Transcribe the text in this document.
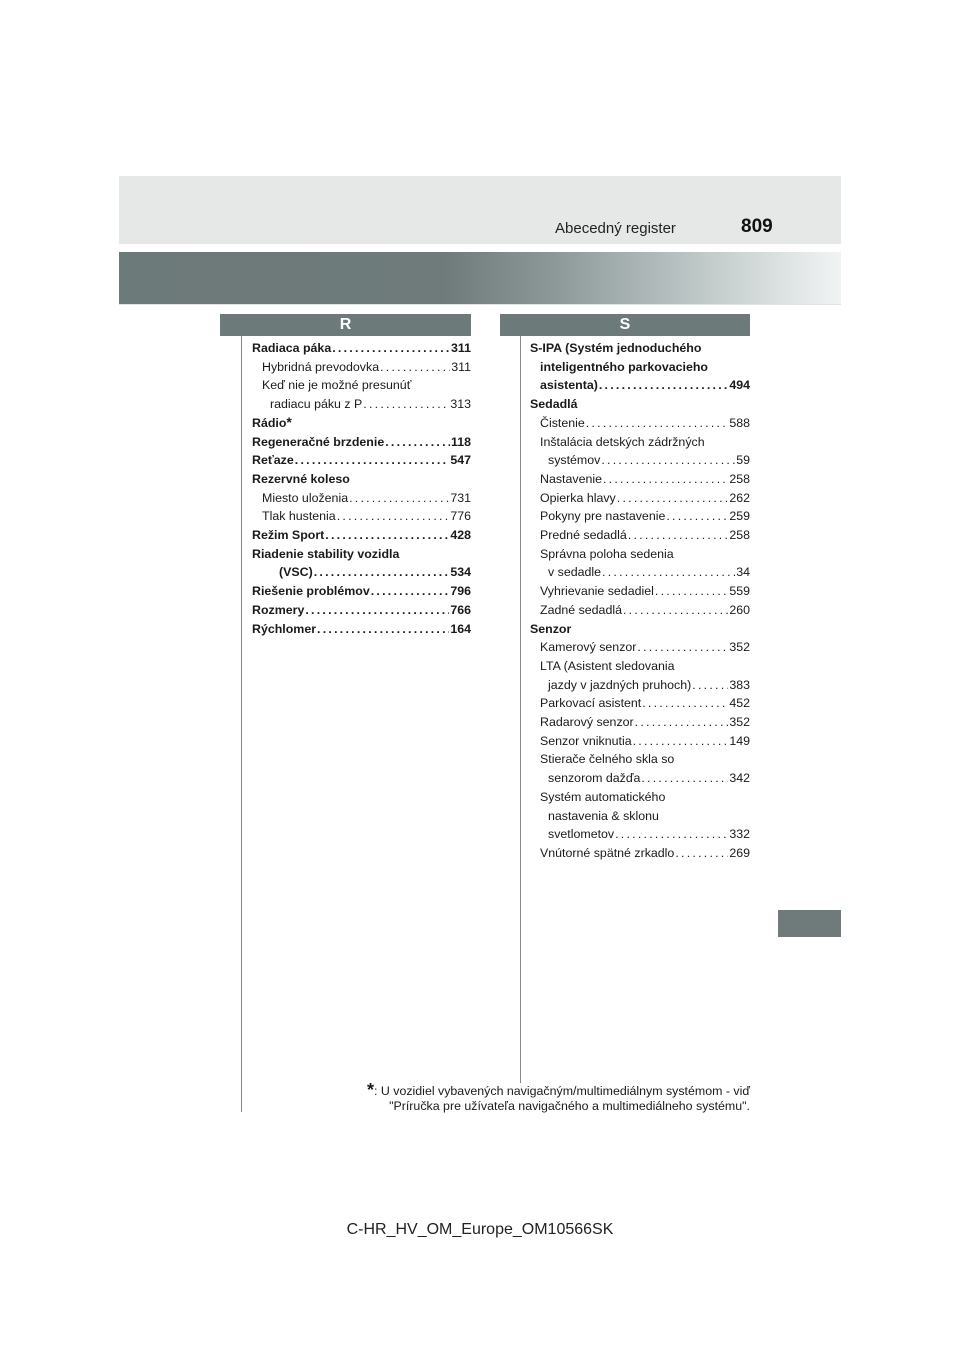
Abecedný register	809
R	S
Radiaca páka . . .	311
Hybridná prevodovka . . .	311
Keď nie je možné presunúť
radiacu páku z P . . .	313
Rádio *
Regeneračné brzdenie . . .	118
Reťaze . . .	547
Rezervné koleso
Miesto uloženia . . .	731
Tlak hustenia . . .	776
Režim Sport . . .	428
Riadenie stability vozidla
(VSC) . . .	534
Riešenie problémov . . .	796
Rozmery . . .	766
Rýchlomer . . .	164
S-IPA (Systém jednoduchého
inteligentného parkovacieho
asistenta) . . .	494
Sedadlá
Čistenie . . .	588
Inštalácia detských zádržných
systémov . . .	59
Nastavenie . . .	258
Opierka hlavy . . .	262
Pokyny pre nastavenie . . .	259
Predné sedadlá . . .	258
Správna poloha sedenia
v sedadle . . .	34
Vyhrievanie sedadiel . . .	559
Zadné sedadlá . . .	260
Senzor
Kamerový senzor . . .	352
LTA (Asistent sledovania
jazdy v jazdných pruhoch) . . .	383
Parkovací asistent . . .	452
Radarový senzor . . .	352
Senzor vniknutia . . .	149
Stierače čelného skla so
senzorom dažďa . . .	342
Systém automatického
nastavenia & sklonu
svetlometov . . .	332
Vnútorné spätné zrkadlo . . .	269
*: U vozidiel vybavených navigačným/multimediálnym systémom - viď
"Príručka pre užívateľa navigačného a multimediálneho systému".
C-HR_HV_OM_Europe_OM10566SK
